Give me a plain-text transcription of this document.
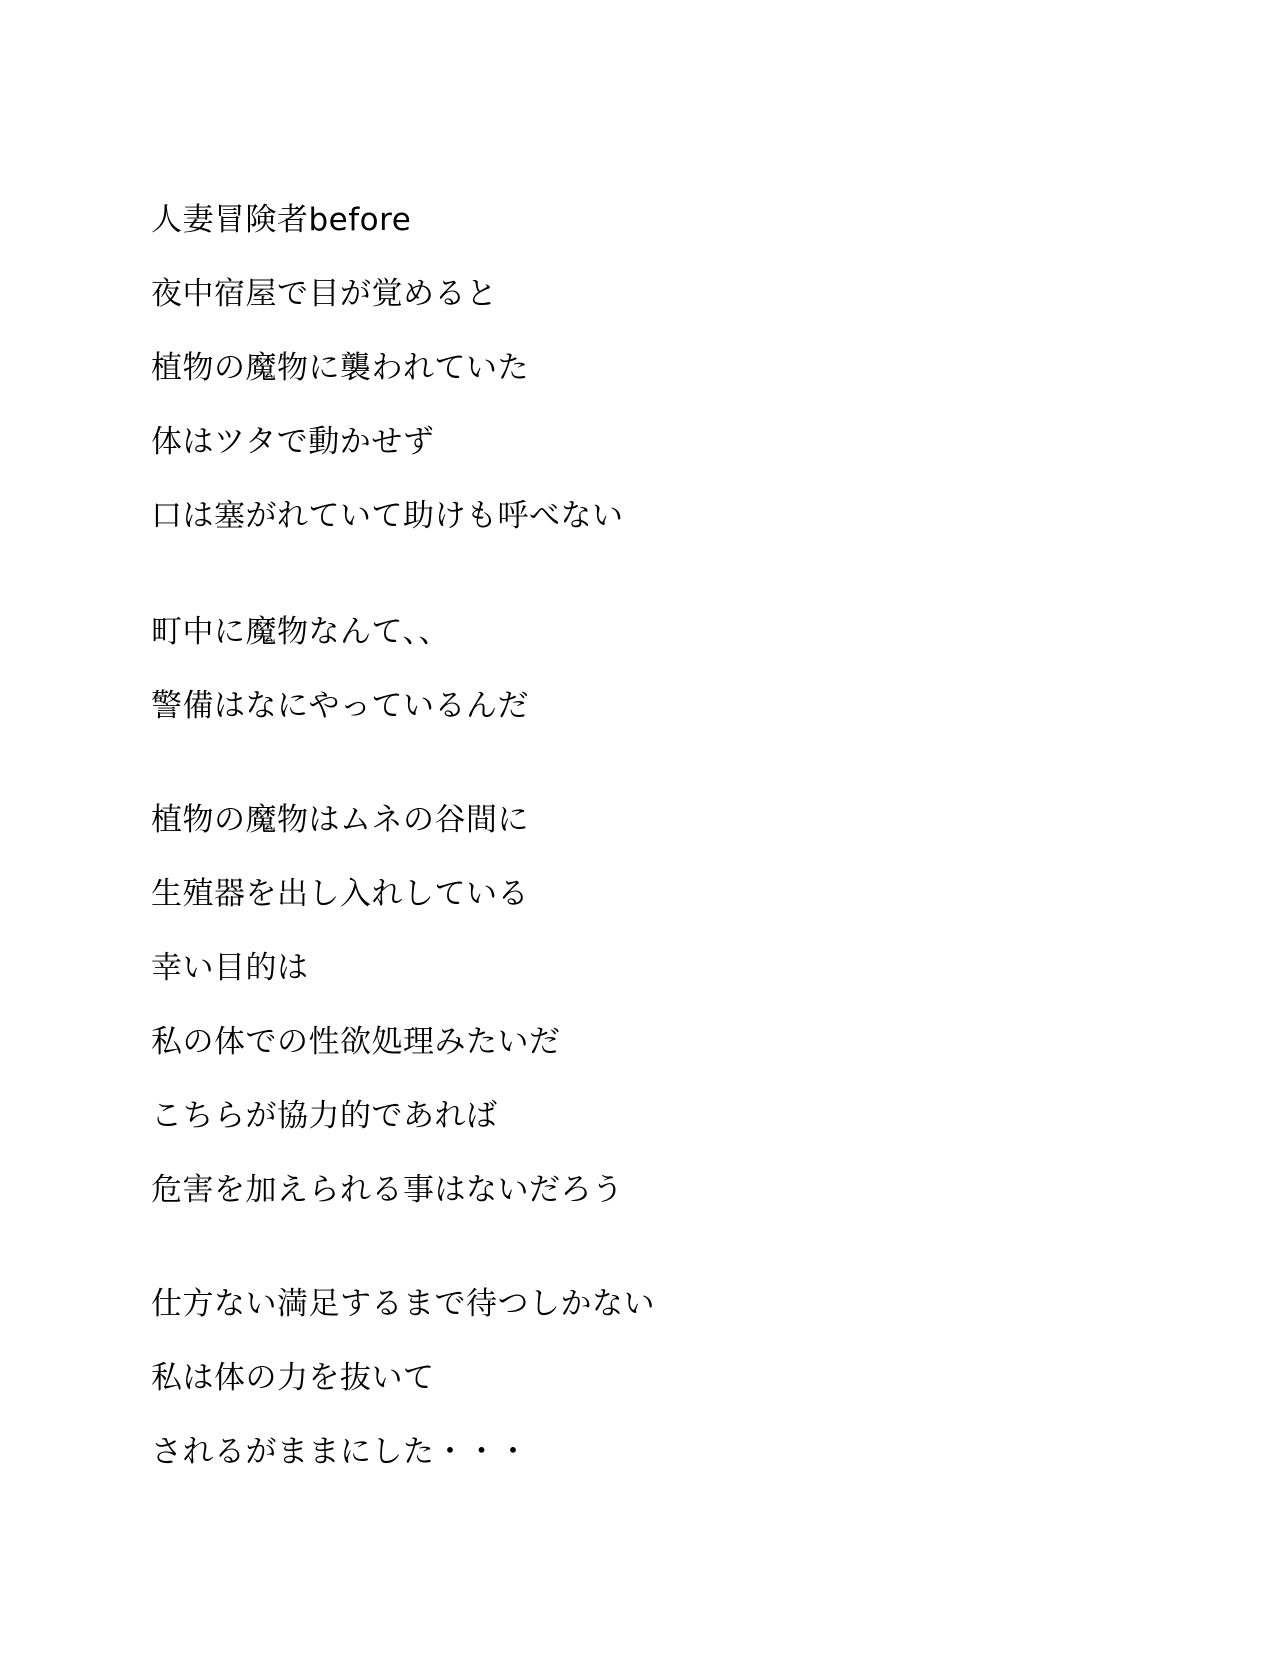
人妻冒険者before
夜中宿屋で目が覚めると
植物の魔物に襲われていた
体はツタで動かせず
口は塞がれていて助けも呼べない
町中に魔物なんて、、
警備はなにやっているんだ
植物の魔物はムネの谷間に
生殖器を出し入れしている
幸い目的は
私の体での性欲処理みたいだ
こちらが協力的であれば
危害を加えられる事はないだろう
仕方ない満足するまで待つしかない
私は体の力を抜いて
されるがままにした・・・
